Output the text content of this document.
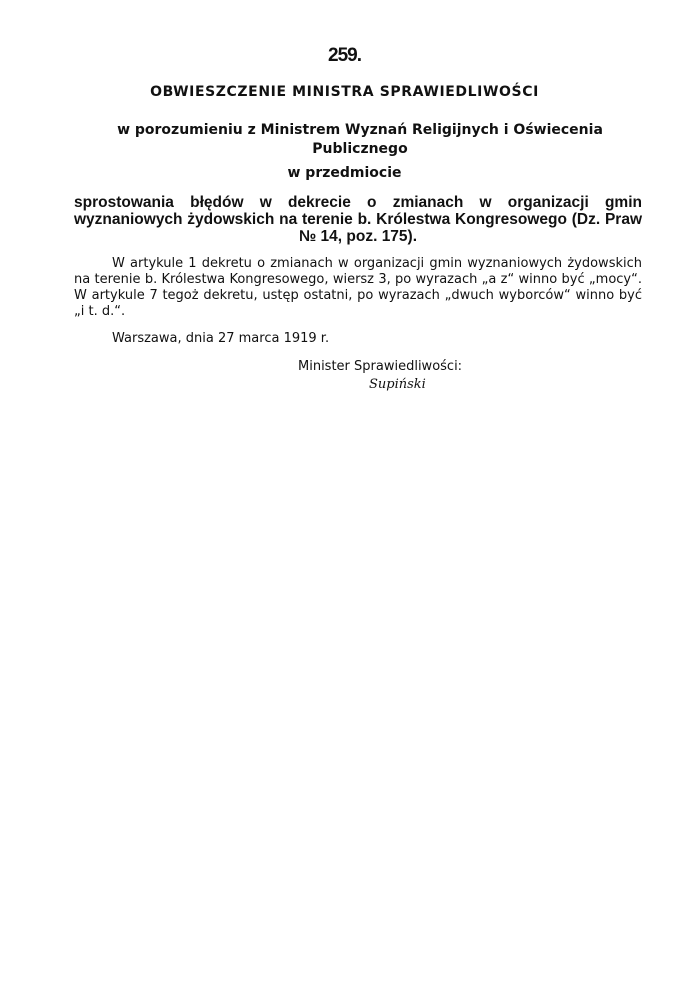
259.
OBWIESZCZENIE MINISTRA SPRAWIEDLIWOŚCI
w porozumieniu z Ministrem Wyznań Religijnych i Oświecenia Publicznego
w przedmiocie
sprostowania błędów w dekrecie o zmianach w organizacji gmin wyznaniowych żydowskich na terenie b. Królestwa Kongresowego (Dz. Praw № 14, poz. 175).

W artykule 1 dekretu o zmianach w organizacji gmin wyznaniowych żydowskich na terenie b. Królestwa Kongresowego, wiersz 3, po wyrazach „a z“ winno być „mocy“. W artykule 7 tegoż dekretu, ustęp ostatni, po wyrazach „dwuch wyborców“ winno być „i t. d.“.

Warszawa, dnia 27 marca 1919 r.
Minister Sprawiedliwości:
Supiński
